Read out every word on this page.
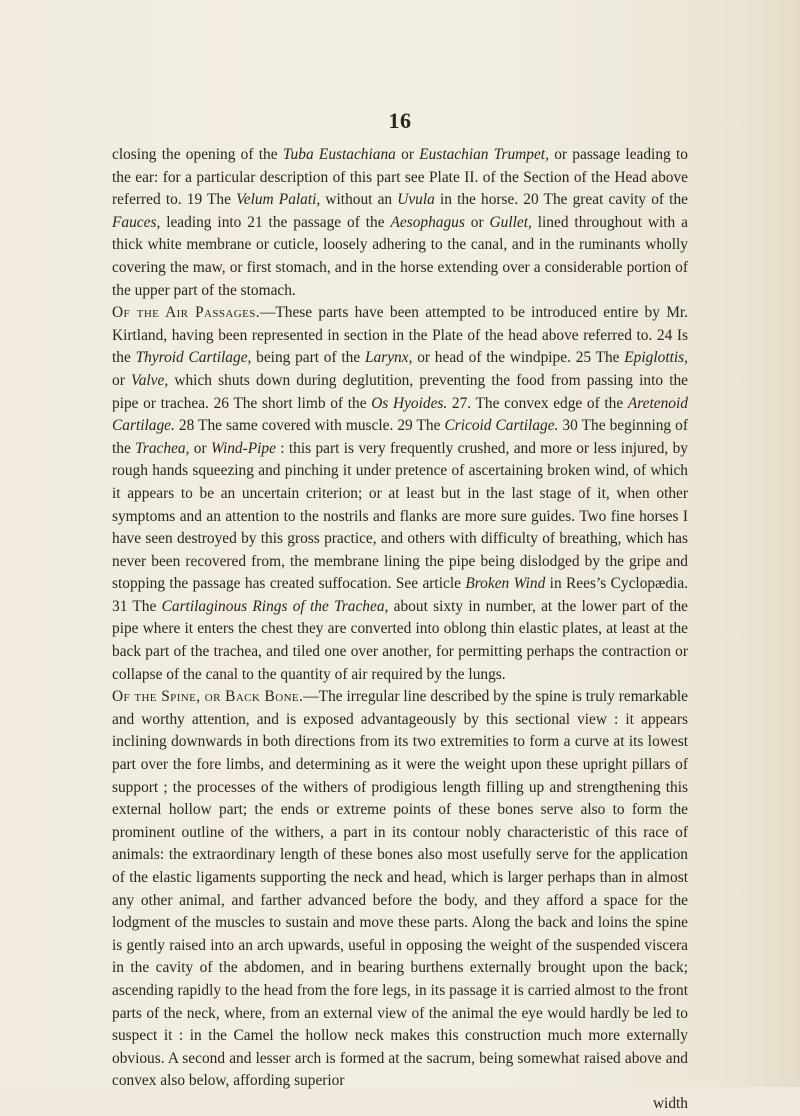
16

closing the opening of the Tuba Eustachiana or Eustachian Trumpet, or passage leading to the ear: for a particular description of this part see Plate II. of the Section of the Head above referred to. 19 The Velum Palati, without an Uvula in the horse. 20 The great cavity of the Fauces, leading into 21 the passage of the Aesophagus or Gullet, lined throughout with a thick white membrane or cuticle, loosely adhering to the canal, and in the ruminants wholly covering the maw, or first stomach, and in the horse extending over a considerable portion of the upper part of the stomach.

Of the Air Passages.—These parts have been attempted to be introduced entire by Mr. Kirtland, having been represented in section in the Plate of the head above referred to. 24 Is the Thyroid Cartilage, being part of the Larynx, or head of the windpipe. 25 The Epiglottis, or Valve, which shuts down during deglutition, preventing the food from passing into the pipe or trachea. 26 The short limb of the Os Hyoides. 27. The convex edge of the Aretenoid Cartilage. 28 The same covered with muscle. 29 The Cricoid Cartilage. 30 The beginning of the Trachea, or Wind-Pipe : this part is very frequently crushed, and more or less injured, by rough hands squeezing and pinching it under pretence of ascertaining broken wind, of which it appears to be an uncertain criterion; or at least but in the last stage of it, when other symptoms and an attention to the nostrils and flanks are more sure guides. Two fine horses I have seen destroyed by this gross practice, and others with difficulty of breathing, which has never been recovered from, the membrane lining the pipe being dislodged by the gripe and stopping the passage has created suffocation. See article Broken Wind in Rees’s Cyclopædia. 31 The Cartilaginous Rings of the Trachea, about sixty in number, at the lower part of the pipe where it enters the chest they are converted into oblong thin elastic plates, at least at the back part of the trachea, and tiled one over another, for permitting perhaps the contraction or collapse of the canal to the quantity of air required by the lungs.

Of the Spine, or Back Bone.—The irregular line described by the spine is truly remarkable and worthy attention, and is exposed advantageously by this sectional view : it appears inclining downwards in both directions from its two extremities to form a curve at its lowest part over the fore limbs, and determining as it were the weight upon these upright pillars of support ; the processes of the withers of prodigious length filling up and strengthening this external hollow part; the ends or extreme points of these bones serve also to form the prominent outline of the withers, a part in its contour nobly characteristic of this race of animals: the extraordinary length of these bones also most usefully serve for the application of the elastic ligaments supporting the neck and head, which is larger perhaps than in almost any other animal, and farther advanced before the body, and they afford a space for the lodgment of the muscles to sustain and move these parts. Along the back and loins the spine is gently raised into an arch upwards, useful in opposing the weight of the suspended viscera in the cavity of the abdomen, and in bearing burthens externally brought upon the back; ascending rapidly to the head from the fore legs, in its passage it is carried almost to the front parts of the neck, where, from an external view of the animal the eye would hardly be led to suspect it : in the Camel the hollow neck makes this construction much more externally obvious. A second and lesser arch is formed at the sacrum, being somewhat raised above and convex also below, affording superior

width
